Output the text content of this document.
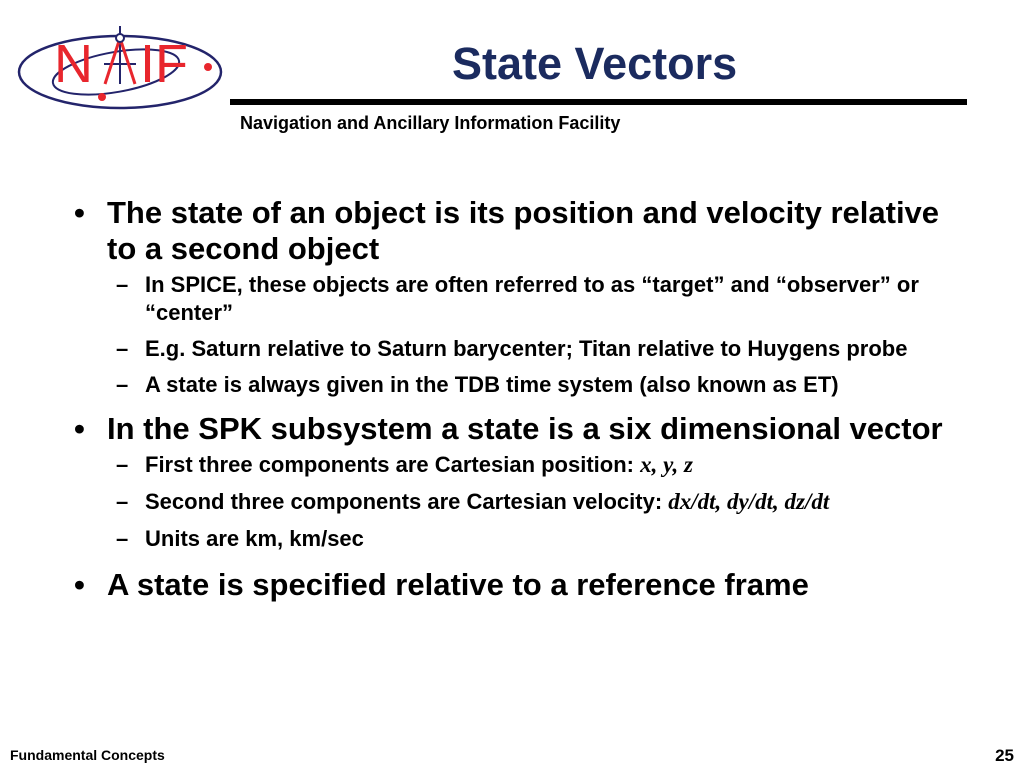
N IF	State Vectors
Navigation and Ancillary Information Facility

• The state of an object is its position and velocity relative to a second object

– In SPICE, these objects are often referred to as “target” and “observer” or “center”

– E.g. Saturn relative to Saturn barycenter; Titan relative to Huygens probe

– A state is always given in the TDB time system (also known as ET)

• In the SPK subsystem a state is a six dimensional vector

– First three components are Cartesian position: x, y, z

– Second three components are Cartesian velocity: dx/dt, dy/dt, dz/dt

– Units are km, km/sec

• A state is specified relative to a reference frame

Fundamental Concepts	25
